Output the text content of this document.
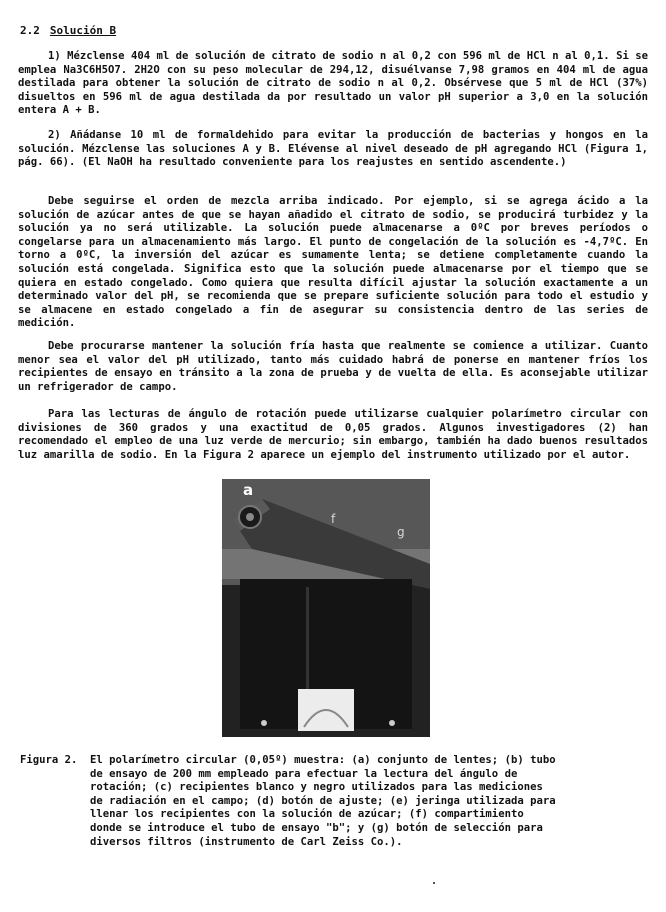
2.2 Solución B

1) Mézclense 404 ml de solución de citrato de sodio n al 0,2 con 596 ml de HCl n al 0,1. Si se emplea Na3C6H5O7. 2H2O con su peso molecular de 294,12, disuélvanse 7,98 gramos en 404 ml de agua destilada para obtener la solución de citrato de sodio n al 0,2. Obsérvese que 5 ml de HCl (37%) disueltos en 596 ml de agua destilada da por resultado un valor pH superior a 3,0 en la solución entera A + B.

2) Añádanse 10 ml de formaldehido para evitar la producción de bacterias y hongos en la solución. Mézclense las soluciones A y B. Elévense al nivel deseado de pH agregando HCl (Figura 1, pág. 66). (El NaOH ha resultado conveniente para los reajustes en sentido ascendente.)

Debe seguirse el orden de mezcla arriba indicado. Por ejemplo, si se agrega ácido a la solución de azúcar antes de que se hayan añadido el citrato de sodio, se producirá turbidez y la solución ya no será utilizable. La solución puede almacenarse a 0ºC por breves períodos o congelarse para un almacenamiento más largo. El punto de congelación de la solución es -4,7ºC. En torno a 0ºC, la inversión del azúcar es sumamente lenta; se detiene completamente cuando la solución está congelada. Significa esto que la solución puede almacenarse por el tiempo que se quiera en estado congelado. Como quiera que resulta difícil ajustar la solución exactamente a un determinado valor del pH, se recomienda que se prepare suficiente solución para todo el estudio y se almacene en estado congelado a fin de asegurar su consistencia dentro de las series de medición.

Debe procurarse mantener la solución fría hasta que realmente se comience a utilizar. Cuanto menor sea el valor del pH utilizado, tanto más cuidado habrá de ponerse en mantener fríos los recipientes de ensayo en tránsito a la zona de prueba y de vuelta de ella. Es aconsejable utilizar un refrigerador de campo.

Para las lecturas de ángulo de rotación puede utilizarse cualquier polarímetro circular con divisiones de 360 grados y una exactitud de 0,05 grados. Algunos investigadores (2) han recomendado el empleo de una luz verde de mercurio; sin embargo, también ha dado buenos resultados luz amarilla de sodio. En la Figura 2 aparece un ejemplo del instrumento utilizado por el autor.

a
f
g
Figura 2.	El polarímetro circular (0,05º) muestra: (a) conjunto de lentes; (b) tubo de ensayo de 200 mm empleado para efectuar la lectura del ángulo de rotación; (c) recipientes blanco y negro utilizados para las mediciones de radiación en el campo; (d) botón de ajuste; (e) jeringa utilizada para llenar los recipientes con la solución de azúcar; (f) compartimiento donde se introduce el tubo de ensayo "b"; y (g) botón de selección para diversos filtros (instrumento de Carl Zeiss Co.).
